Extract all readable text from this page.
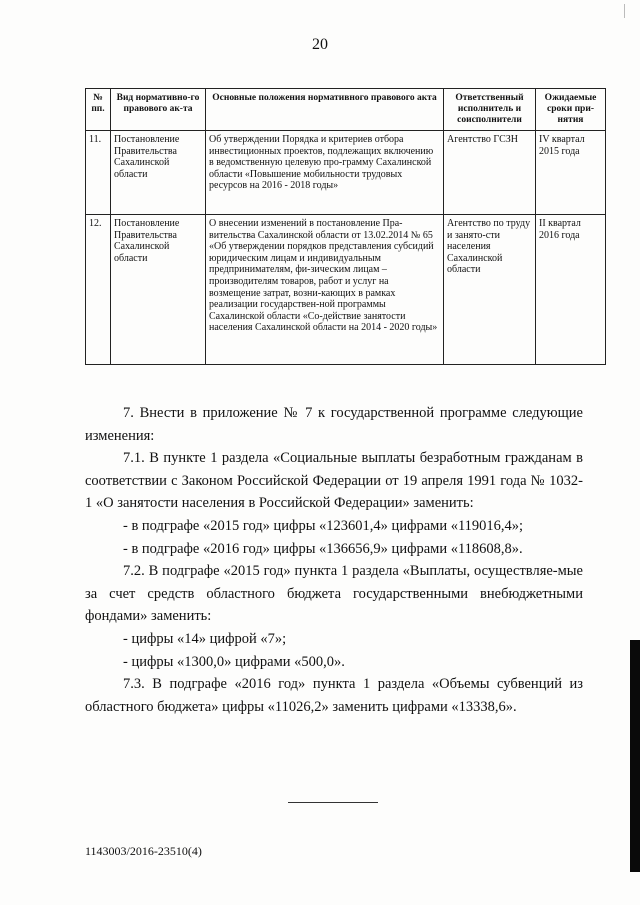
20
№ пп.	Вид нормативно-го правового ак-та	Основные положения нормативного правового акта	Ответственный исполнитель и соисполнители	Ожидаемые сроки при-нятия
11.	Постановление Правительства Сахалинской области	Об утверждении Порядка и критериев отбора инвестиционных проектов, подлежащих включению в ведомственную целевую про-грамму Сахалинской области «Повышение мобильности трудовых ресурсов на 2016 - 2018 годы»	Агентство ГСЗН	IV квартал 2015 года
12.	Постановление Правительства Сахалинской области	О внесении изменений в постановление Пра-вительства Сахалинской области от 13.02.2014 № 65 «Об утверждении порядков представления субсидий юридическим лицам и индивидуальным предпринимателям, фи-зическим лицам – производителям товаров, работ и услуг на возмещение затрат, возни-кающих в рамках реализации государствен-ной программы Сахалинской области «Со-действие занятости населения Сахалинской области на 2014 - 2020 годы»	Агентство по труду и занято-сти населения Сахалинской области	II квартал 2016 года

7. Внести в приложение № 7 к государственной программе следующие изменения:

7.1. В пункте 1 раздела «Социальные выплаты безработным гражданам в соответствии с Законом Российской Федерации от 19 апреля 1991 года № 1032-1 «О занятости населения в Российской Федерации» заменить:

- в подграфе «2015 год» цифры «123601,4» цифрами «119016,4»;

- в подграфе «2016 год» цифры «136656,9» цифрами «118608,8».

7.2. В подграфе «2015 год» пункта 1 раздела «Выплаты, осуществляе-мые за счет средств областного бюджета государственными внебюджетными фондами» заменить:

- цифры «14» цифрой «7»;

- цифры «1300,0» цифрами «500,0».

7.3. В подграфе «2016 год» пункта 1 раздела «Объемы субвенций из областного бюджета» цифры «11026,2» заменить цифрами «13338,6».

1143003/2016-23510(4)
